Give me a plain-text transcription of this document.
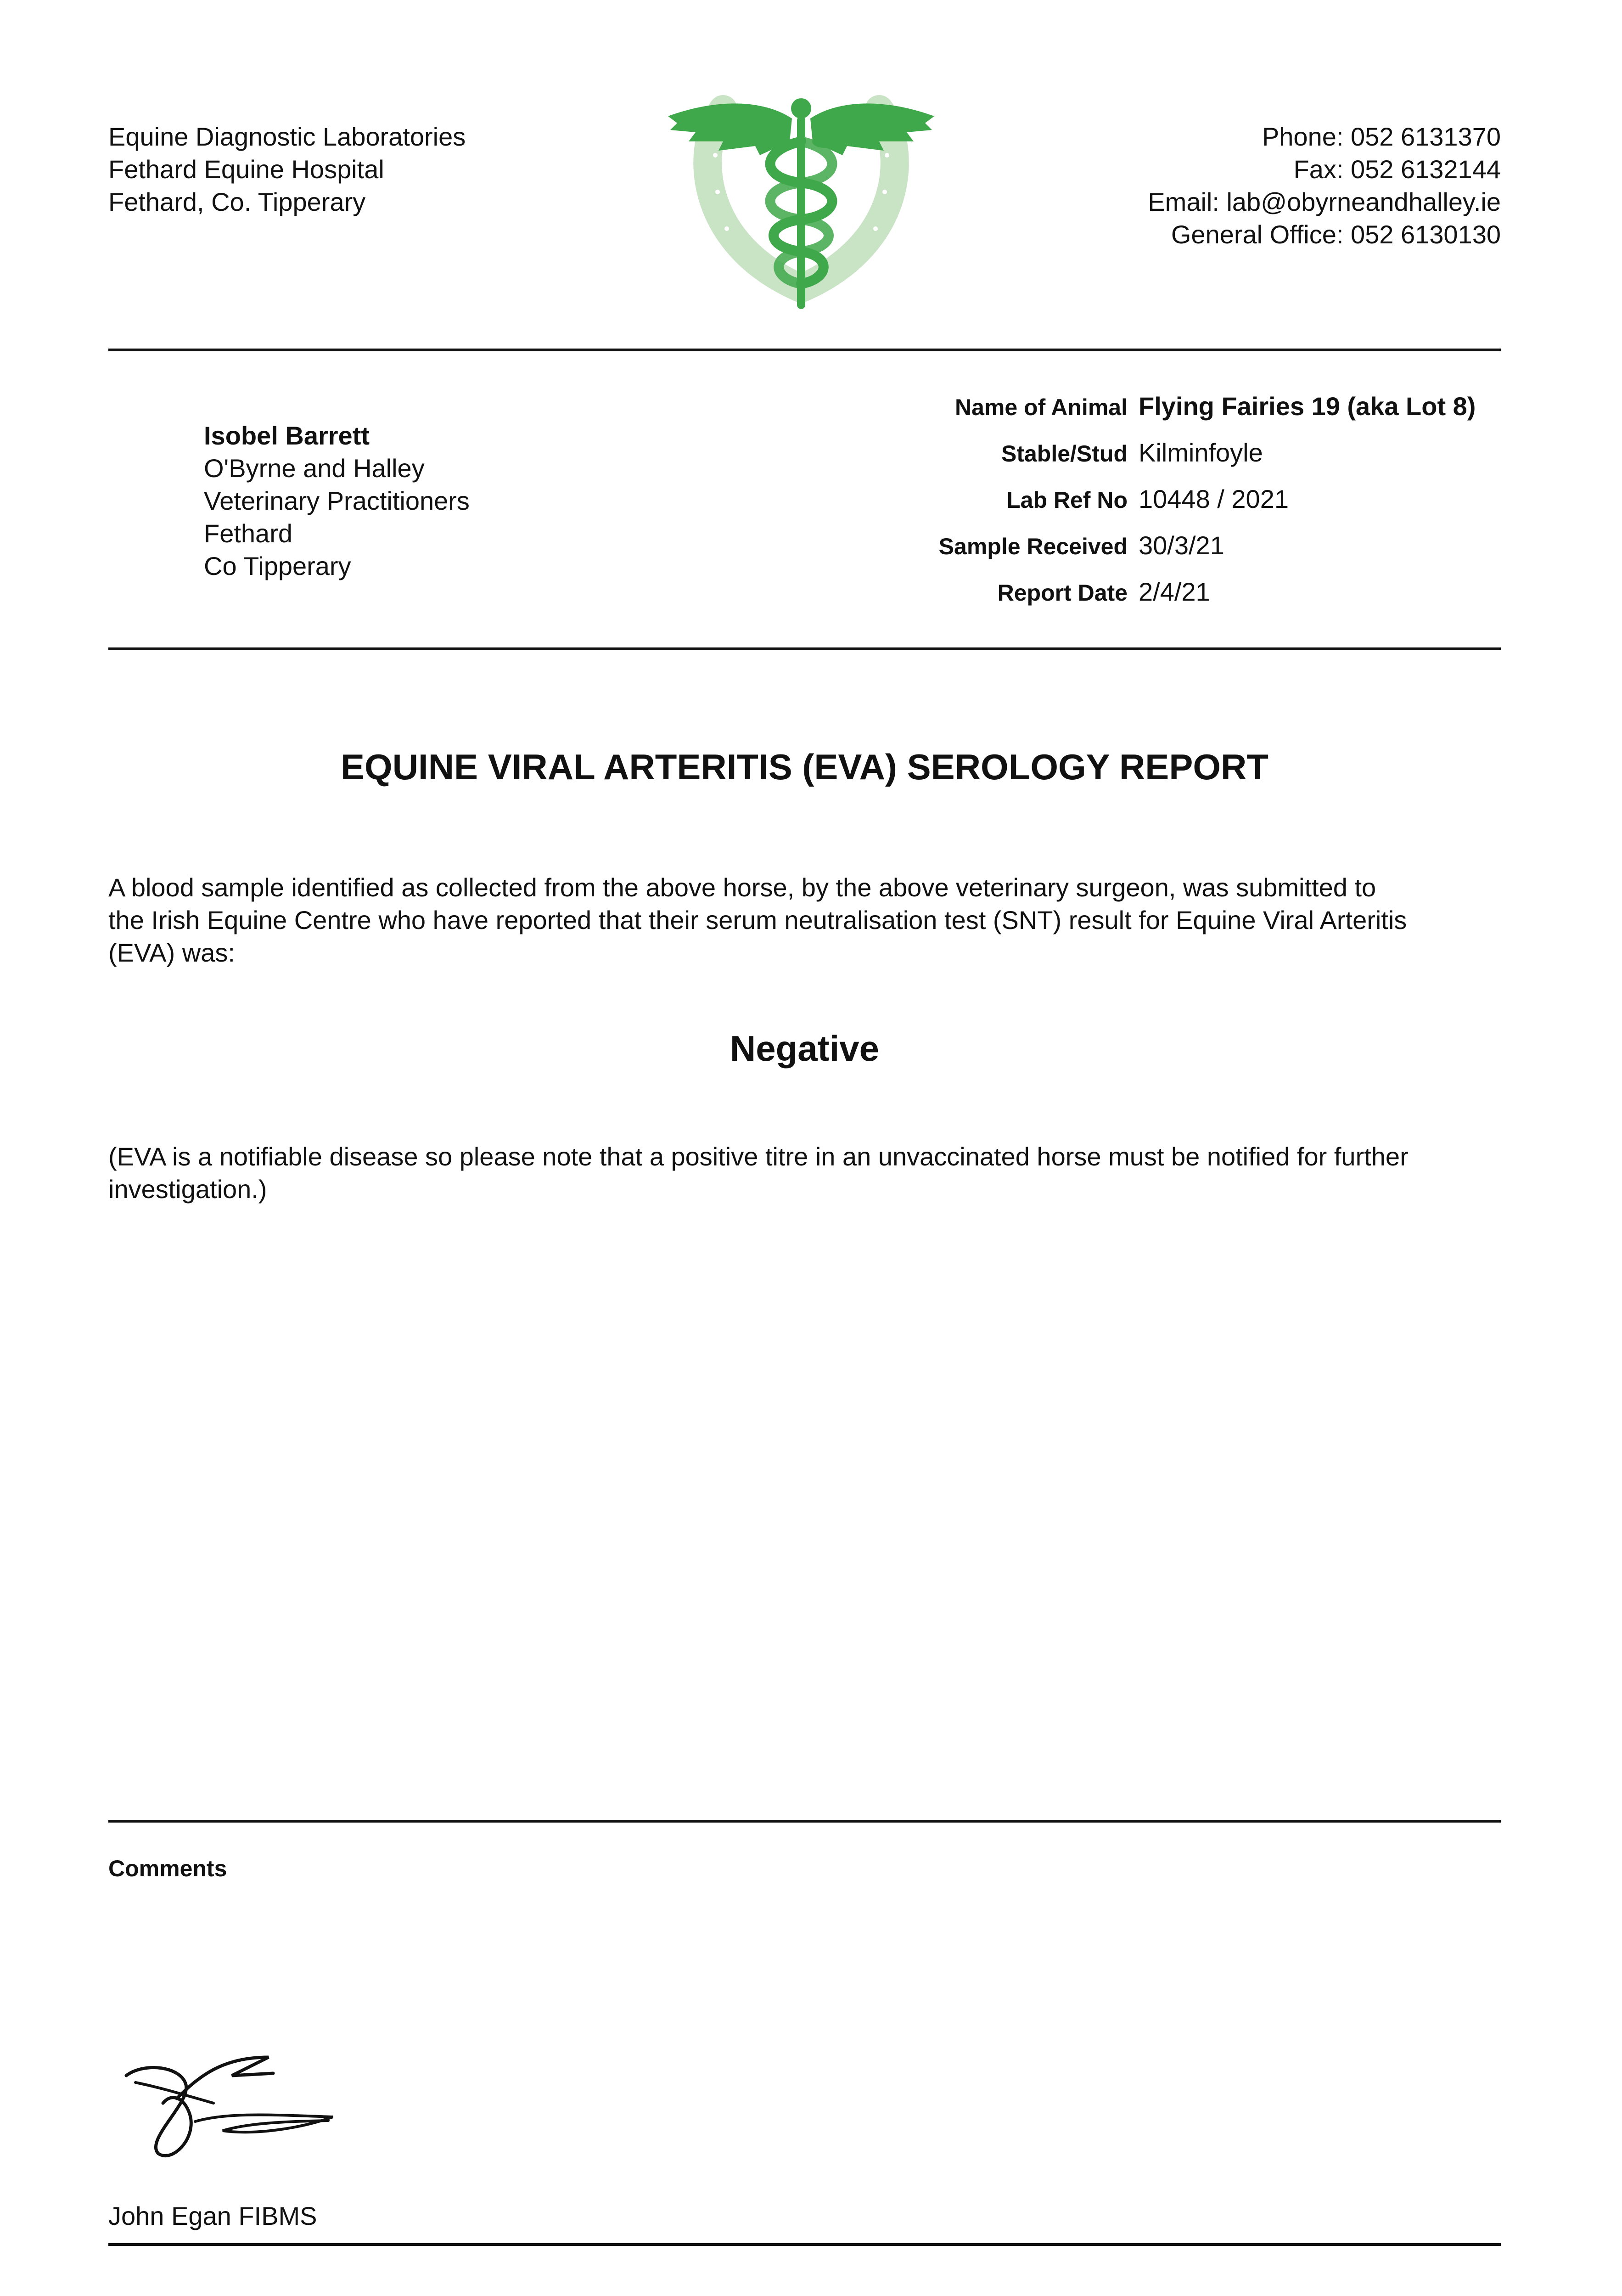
Equine Diagnostic Laboratories
Fethard Equine Hospital
Fethard, Co. Tipperary
Phone: 052 6131370
Fax: 052 6132144
Email: lab@obyrneandhalley.ie
General Office: 052 6130130
Isobel Barrett
O'Byrne and Halley
Veterinary Practitioners
Fethard
Co Tipperary
Name of Animal Flying Fairies 19 (aka Lot 8)
Stable/Stud Kilminfoyle
Lab Ref No 10448 / 2021
Sample Received 30/3/21
Report Date 2/4/21
EQUINE VIRAL ARTERITIS (EVA) SEROLOGY REPORT
A blood sample identified as collected from the above horse, by the above veterinary surgeon, was submitted to
the Irish Equine Centre who have reported that their serum neutralisation test (SNT) result for Equine Viral Arteritis
(EVA) was:
Negative
(EVA is a notifiable disease so please note that a positive titre in an unvaccinated horse must be notified for further
investigation.)
Comments
John Egan FIBMS
